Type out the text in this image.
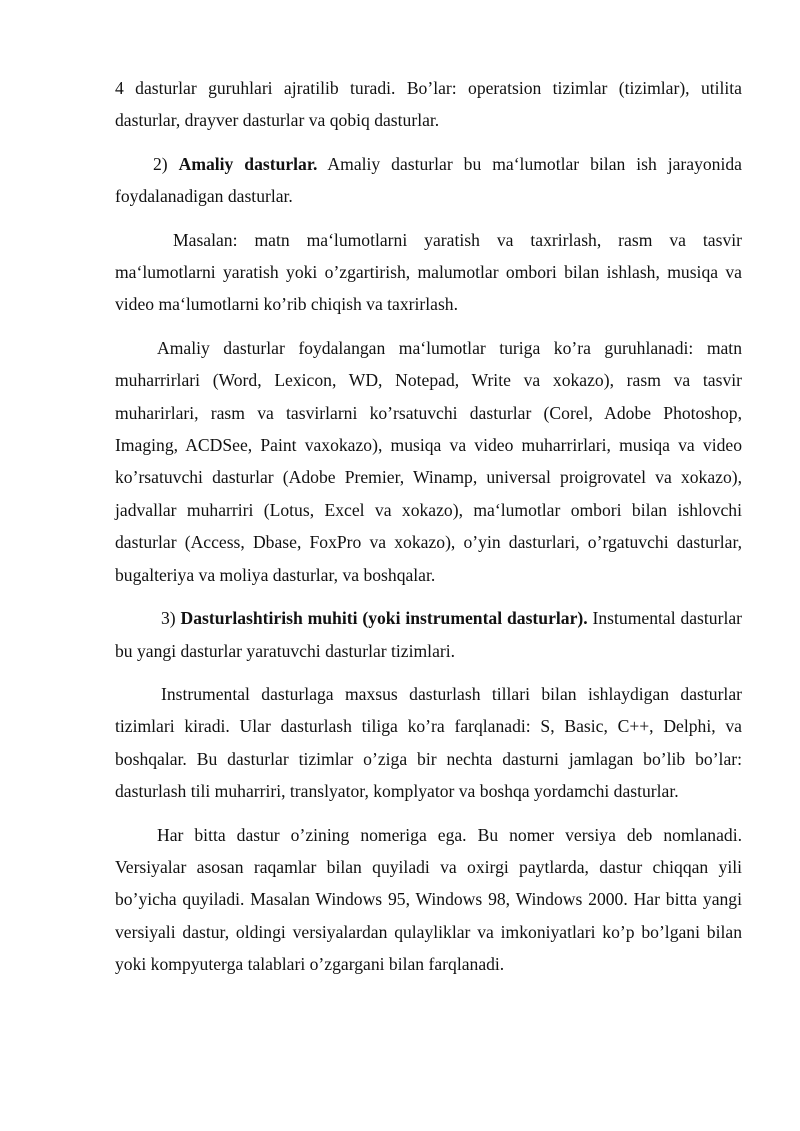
4 dasturlar guruhlari ajratilib turadi. Bo’lar: operatsion tizimlar (tizimlar), utilita dasturlar, drayver dasturlar va qobiq dasturlar.

2) Amaliy dasturlar. Amaliy dasturlar bu ma‘lumotlar bilan ish jarayonida foydalanadigan dasturlar.

Masalan: matn ma‘lumotlarni yaratish va taxrirlash, rasm va tasvir ma‘lumotlarni yaratish yoki o’zgartirish, malumotlar ombori bilan ishlash, musiqa va video ma‘lumotlarni ko’rib chiqish va taxrirlash.

Amaliy dasturlar foydalangan ma‘lumotlar turiga ko’ra guruhlanadi: matn muharrirlari (Word, Lexicon, WD, Notepad, Write va xokazo), rasm va tasvir muharirlari, rasm va tasvirlarni ko’rsatuvchi dasturlar (Corel, Adobe Photoshop, Imaging, ACDSee, Paint vaxokazo), musiqa va video muharrirlari, musiqa va video ko’rsatuvchi dasturlar (Adobe Premier, Winamp, universal proigrovatel va xokazo), jadvallar muharriri (Lotus, Excel va xokazo), ma‘lumotlar ombori bilan ishlovchi dasturlar (Access, Dbase, FoxPro va xokazo), o’yin dasturlari, o’rgatuvchi dasturlar, bugalteriya va moliya dasturlar, va boshqalar.

3) Dasturlashtirish muhiti (yoki instrumental dasturlar). Instumental dasturlar bu yangi dasturlar yaratuvchi dasturlar tizimlari.

Instrumental dasturlaga maxsus dasturlash tillari bilan ishlaydigan dasturlar tizimlari kiradi. Ular dasturlash tiliga ko’ra farqlanadi: S, Basic, C++, Delphi, va boshqalar. Bu dasturlar tizimlar o’ziga bir nechta dasturni jamlagan bo’lib bo’lar: dasturlash tili muharriri, translyator, komplyator va boshqa yordamchi dasturlar.

Har bitta dastur o’zining nomeriga ega. Bu nomer versiya deb nomlanadi. Versiyalar asosan raqamlar bilan quyiladi va oxirgi paytlarda, dastur chiqqan yili bo’yicha quyiladi. Masalan Windows 95, Windows 98, Windows 2000. Har bitta yangi versiyali dastur, oldingi versiyalardan qulayliklar va imkoniyatlari ko’p bo’lgani bilan yoki kompyuterga talablari o’zgargani bilan farqlanadi.
